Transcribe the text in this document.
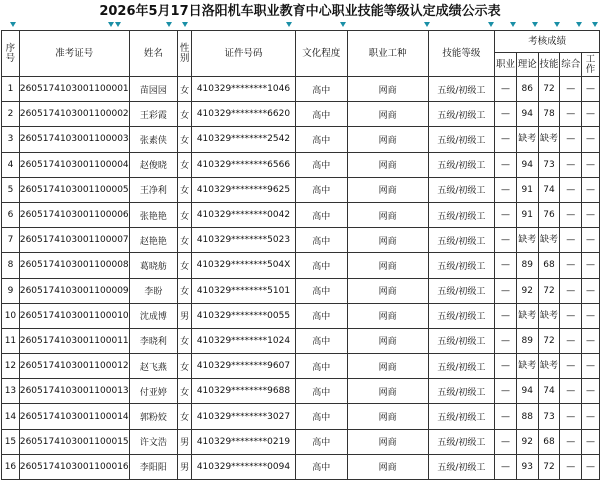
2026年5月17日洛阳机车职业教育中心职业技能等级认定成绩公示表
序号	准考证号	姓名	性别	证件号码	文化程度	职业工种	技能等级	考核成绩				
								职业	理论	技能	综合	工作
1	2605174103001100001	苗园园	女	410329********1046	高中	网商	五级/初级工	—	86	72	—	—
2	2605174103001100002	王彩霞	女	410329********6620	高中	网商	五级/初级工	—	94	78	—	—
3	2605174103001100003	张素侠	女	410329********2542	高中	网商	五级/初级工	—	缺考	缺考	—	—
4	2605174103001100004	赵俊晓	女	410329********6566	高中	网商	五级/初级工	—	94	73	—	—
5	2605174103001100005	王净利	女	410329********9625	高中	网商	五级/初级工	—	91	74	—	—
6	2605174103001100006	张艳艳	女	410329********0042	高中	网商	五级/初级工	—	91	76	—	—
7	2605174103001100007	赵艳艳	女	410329********5023	高中	网商	五级/初级工	—	缺考	缺考	—	—
8	2605174103001100008	葛晓舫	女	410329********504X	高中	网商	五级/初级工	—	89	68	—	—
9	2605174103001100009	李盼	女	410329********5101	高中	网商	五级/初级工	—	92	72	—	—
10	2605174103001100010	沈成博	男	410329********0055	高中	网商	五级/初级工	—	缺考	缺考	—	—
11	2605174103001100011	李晓利	女	410329********1024	高中	网商	五级/初级工	—	89	72	—	—
12	2605174103001100012	赵飞燕	女	410329********9607	高中	网商	五级/初级工	—	缺考	缺考	—	—
13	2605174103001100013	付亚婷	女	410329********9688	高中	网商	五级/初级工	—	94	74	—	—
14	2605174103001100014	郭粉姣	女	410329********3027	高中	网商	五级/初级工	—	88	73	—	—
15	2605174103001100015	许文浩	男	410329********0219	高中	网商	五级/初级工	—	92	68	—	—
16	2605174103001100016	李阳阳	男	410329********0094	高中	网商	五级/初级工	—	93	72	—	—
